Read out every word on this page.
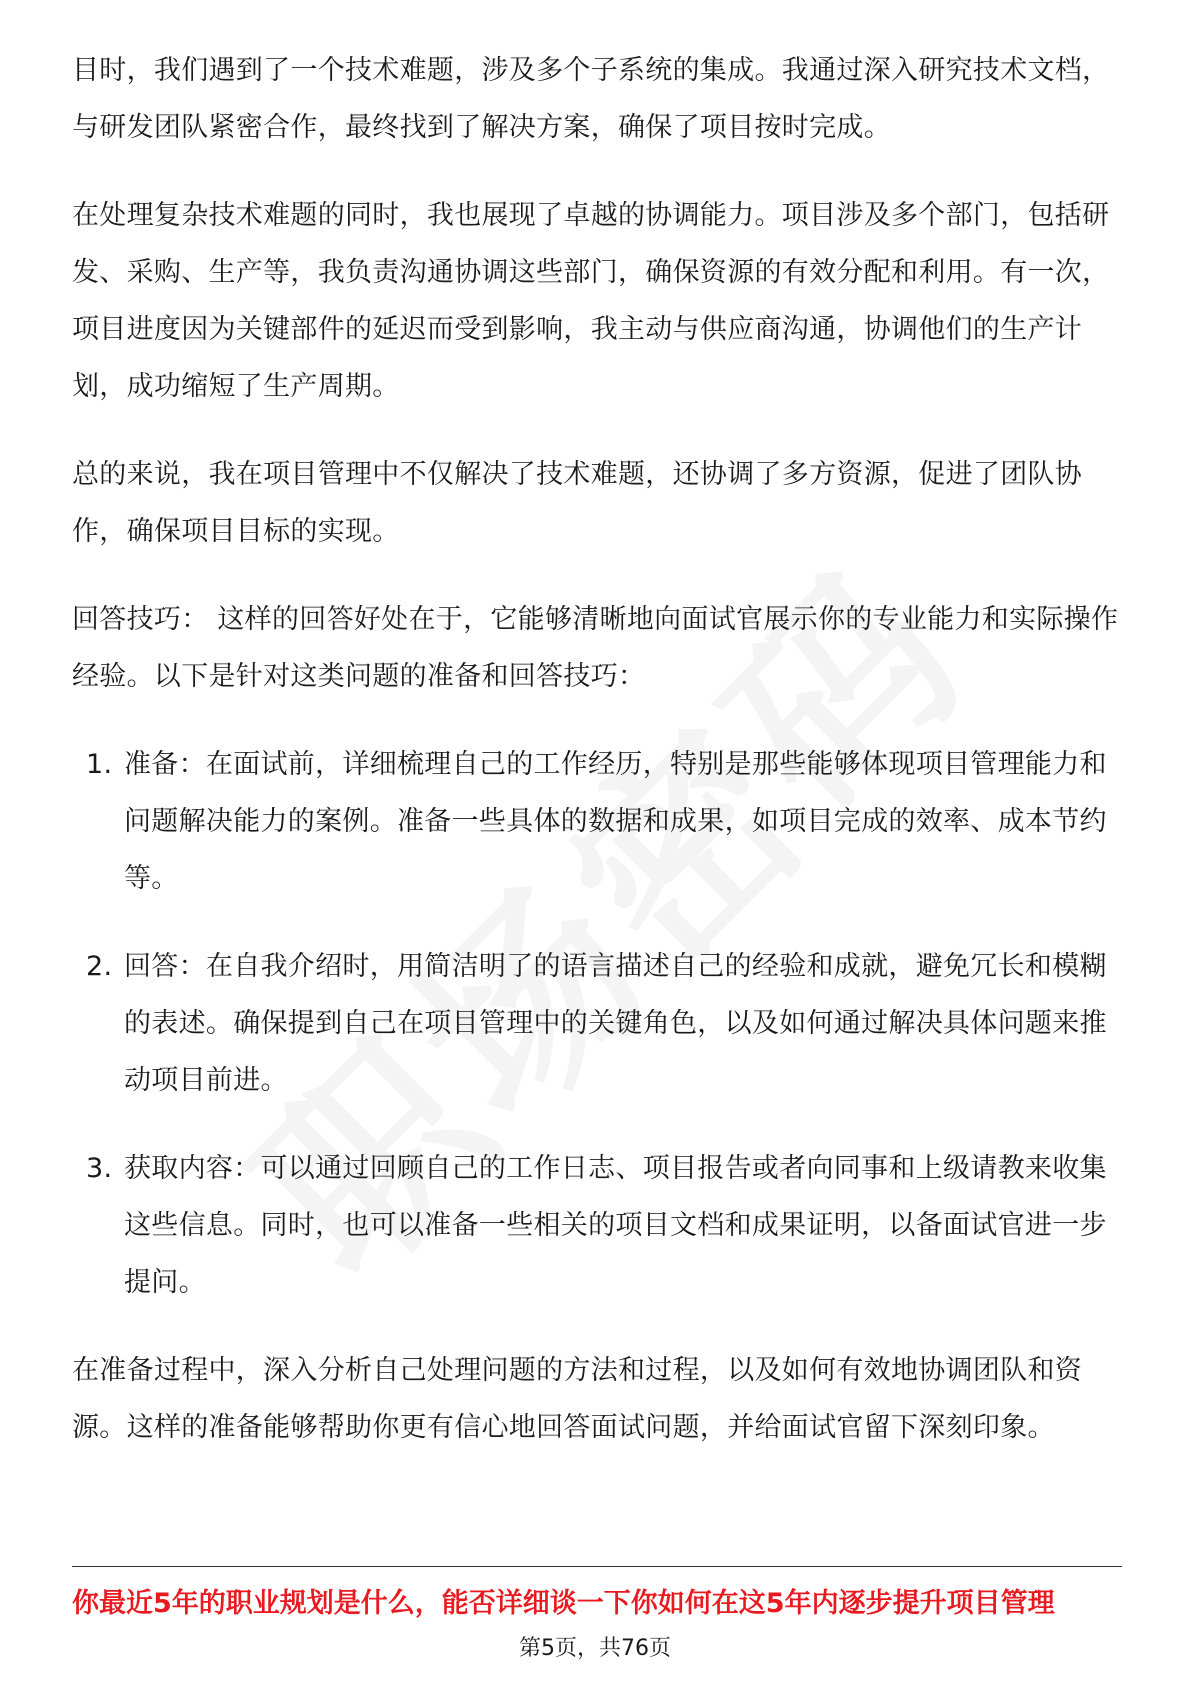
目时，我们遇到了一个技术难题，涉及多个子系统的集成。我通过深入研究技术文档，与研发团队紧密合作，最终找到了解决方案，确保了项目按时完成。

在处理复杂技术难题的同时，我也展现了卓越的协调能力。项目涉及多个部门，包括研发、采购、生产等，我负责沟通协调这些部门，确保资源的有效分配和利用。有一次，项目进度因为关键部件的延迟而受到影响，我主动与供应商沟通，协调他们的生产计划，成功缩短了生产周期。

总的来说，我在项目管理中不仅解决了技术难题，还协调了多方资源，促进了团队协作，确保项目目标的实现。

回答技巧： 这样的回答好处在于，它能够清晰地向面试官展示你的专业能力和实际操作经验。以下是针对这类问题的准备和回答技巧：

1. 准备：在面试前，详细梳理自己的工作经历，特别是那些能够体现项目管理能力和问题解决能力的案例。准备一些具体的数据和成果，如项目完成的效率、成本节约等。
2. 回答：在自我介绍时，用简洁明了的语言描述自己的经验和成就，避免冗长和模糊的表述。确保提到自己在项目管理中的关键角色，以及如何通过解决具体问题来推动项目前进。
3. 获取内容：可以通过回顾自己的工作日志、项目报告或者向同事和上级请教来收集这些信息。同时，也可以准备一些相关的项目文档和成果证明，以备面试官进一步提问。

在准备过程中，深入分析自己处理问题的方法和过程，以及如何有效地协调团队和资源。这样的准备能够帮助你更有信心地回答面试问题，并给面试官留下深刻印象。

你最近5年的职业规划是什么，能否详细谈一下你如何在这5年内逐步提升项目管理
第5页，共76页
